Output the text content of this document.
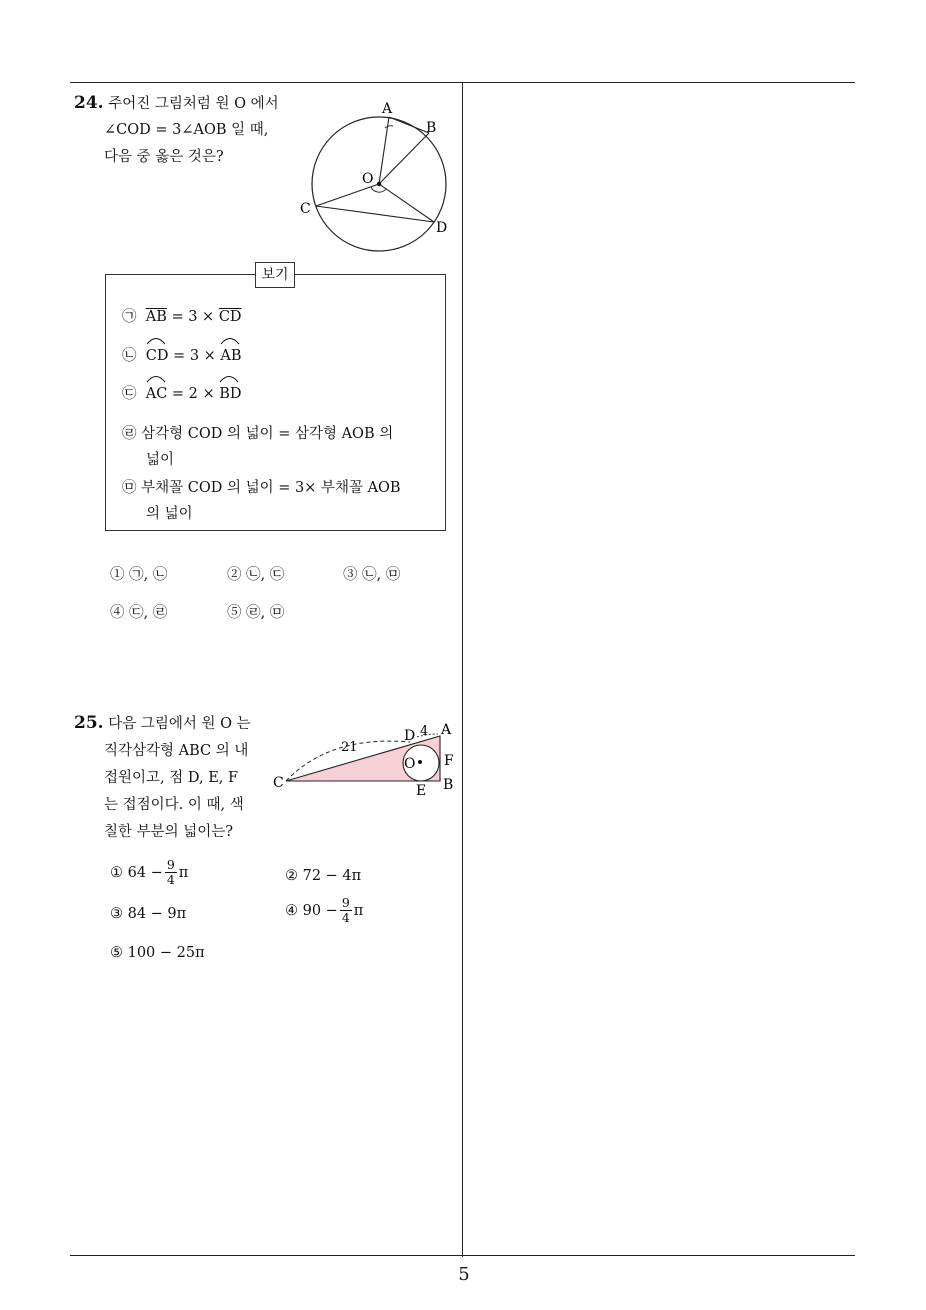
24. 주어진 그림처럼 원 O 에서
∠COD = 3∠AOB 일 때,
다음 중 옳은 것은?
A
B
C
D
O
보기
㉠ $\overline{AB} = 3 \times \overline{CD}$
㉡ CD = 3 ×
AB
㉢ AC = 2 ×
BD
㉣ 삼각형 COD 의 넓이 = 삼각형 AOB 의
넓이
㉤ 부채꼴 COD 의 넓이 = 3× 부채꼴 AOB
의 넓이
① ㉠, ㉡	② ㉡, ㉢	③ ㉡, ㉤
④ ㉢, ㉣	⑤ ㉣, ㉤
25. 다음 그림에서 원 O 는
직각삼각형 ABC 의 내
접원이고, 점 D, E, F
는 접점이다. 이 때, 색
칠한 부분의 넓이는?
21
4
D A
F
B
E
C
O
① $64 - \frac{9}{4}$ π	② 72 − 4π
③ 84 − 9π	④ $90 - \frac{9}{4}$ π
⑤ 100 − 25π
5
